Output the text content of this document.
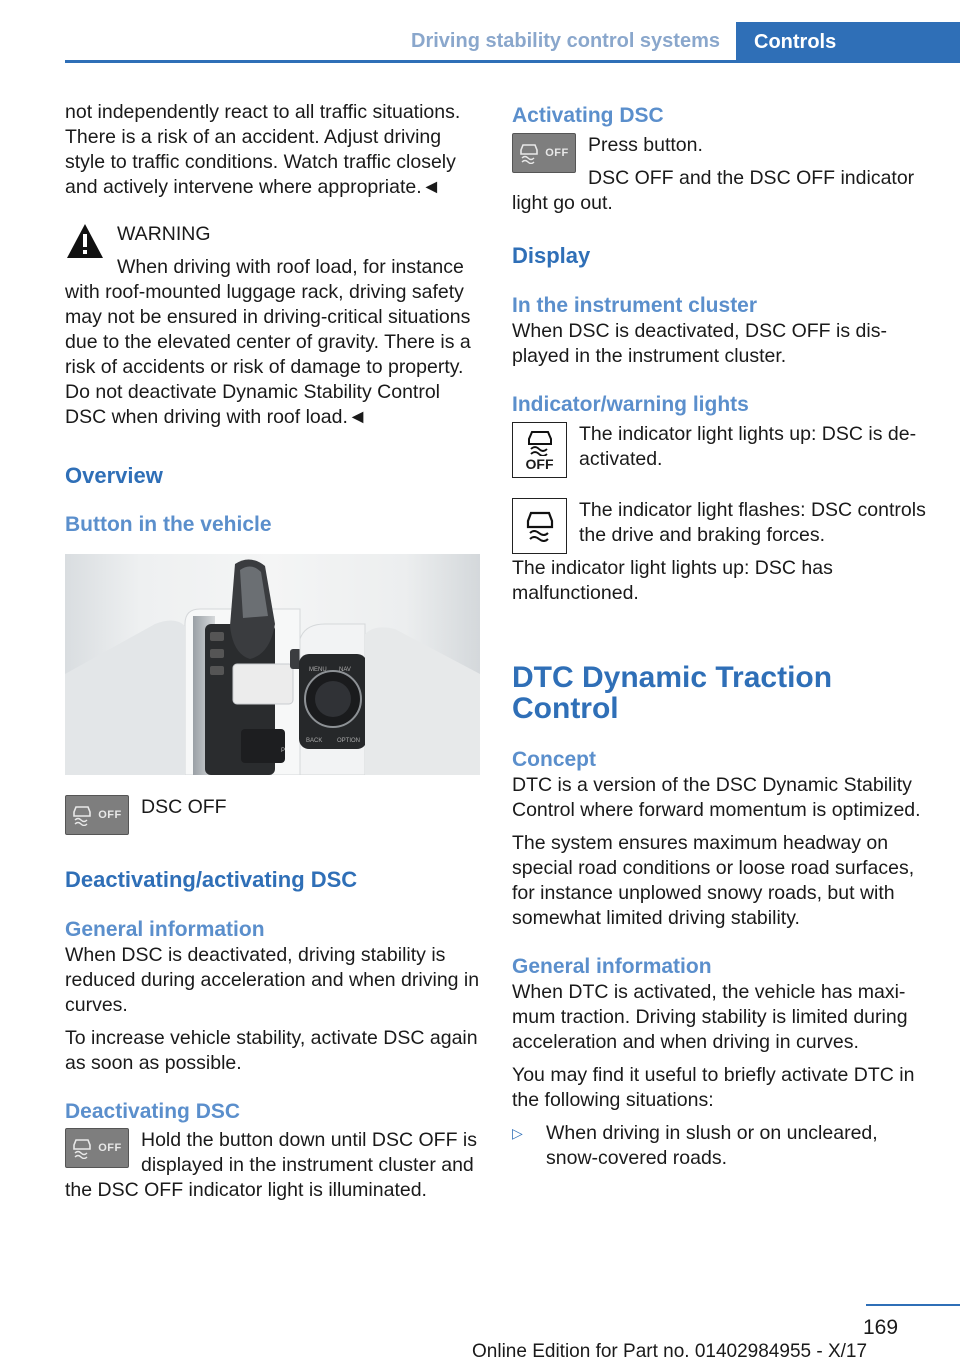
Driving stability control systems	Controls

not independently react to all traffic situations. There is a risk of an accident. Adjust driving style to traffic conditions. Watch traffic closely and actively intervene where appropriate.◄

WARNING

When driving with roof load, for instance with roof-mounted luggage rack, driving safety may not be ensured in driving-critical situations due to the elevated center of gravity. There is a risk of accidents or risk of damage to property. Do not deactivate Dynamic Stability Control DSC when driving with roof load.◄

Overview
Button in the vehicle
P
MENU NAV
BACK OPTION
OFF DSC OFF

Deactivating/activating DSC
General information

When DSC is deactivated, driving stability is reduced during acceleration and when driving in curves.

To increase vehicle stability, activate DSC again as soon as possible.

Deactivating DSC
OFF Hold the button down until DSC OFF is displayed in the instrument cluster and the DSC OFF indicator light is illuminated.

Activating DSC
OFF Press button.

DSC OFF and the DSC OFF indicator light go out.

Display
In the instrument cluster

When DSC is deactivated, DSC OFF is displayed in the instrument cluster.

Indicator/warning lights
OFF

The indicator light lights up: DSC is deactivated.

The indicator light flashes: DSC controls the drive and braking forces.

The indicator light lights up: DSC has malfunctioned.

DTC Dynamic Traction Control
Concept

DTC is a version of the DSC Dynamic Stability Control where forward momentum is optimized.

The system ensures maximum headway on special road conditions or loose road surfaces, for instance unplowed snowy roads, but with somewhat limited driving stability.

General information

When DTC is activated, the vehicle has maximum traction. Driving stability is limited during acceleration and when driving in curves.

You may find it useful to briefly activate DTC in the following situations:

▷	When driving in slush or on uncleared, snow-covered roads.

169
Online Edition for Part no. 01402984955 - X/17
